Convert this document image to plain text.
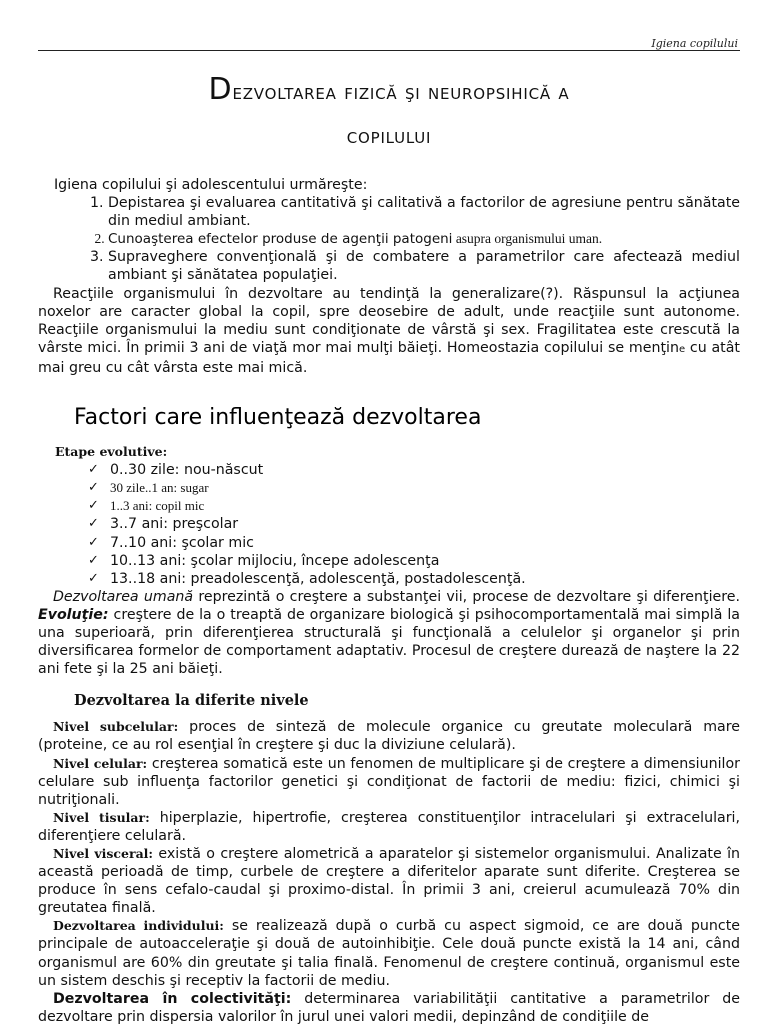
Igiena copilului
Dezvoltarea fizică şi neuropsihică a
copilului
Igiena copilului şi adolescentului urmăreşte:
1. Depistarea şi evaluarea cantitativă şi calitativă a factorilor de agresiune pentru sănătate din mediul ambiant.
2. Cunoaşterea efectelor produse de agenţii patogeni asupra organismului uman.
3. Supraveghere convenţională şi de combatere a parametrilor care afectează mediul ambiant şi sănătatea populaţiei.

Reacţiile organismului în dezvoltare au tendinţă la generalizare(?). Răspunsul la acţiunea noxelor are caracter global la copil, spre deosebire de adult, unde reacţiile sunt autonome. Reacţiile organismului la mediu sunt condiţionate de vârstă şi sex. Fragilitatea este crescută la vârste mici. În primii 3 ani de viaţă mor mai mulţi băieţi. Homeostazia copilului se menţine cu atât mai greu cu cât vârsta este mai mică.

Factori care influenţează dezvoltarea
Etape evolutive:
✓ 0..30 zile: nou-născut
✓ 30 zile..1 an: sugar
✓ 1..3 ani: copil mic
✓ 3..7 ani: preşcolar
✓ 7..10 ani: şcolar mic
✓ 10..13 ani: şcolar mijlociu, începe adolescenţa
✓ 13..18 ani: preadolescenţă, adolescenţă, postadolescenţă.

Dezvoltarea umană reprezintă o creştere a substanţei vii, procese de dezvoltare şi diferenţiere. Evoluţie: creştere de la o treaptă de organizare biologică şi psihocomportamentală mai simplă la una superioară, prin diferenţierea structurală şi funcţională a celulelor şi organelor şi prin diversificarea formelor de comportament adaptativ. Procesul de creştere durează de naştere la 22 ani fete şi la 25 ani băieţi.

Dezvoltarea la diferite nivele

Nivel subcelular: proces de sinteză de molecule organice cu greutate moleculară mare (proteine, ce au rol esenţial în creştere şi duc la diviziune celulară).

Nivel celular: creşterea somatică este un fenomen de multiplicare şi de creştere a dimensiunilor celulare sub influenţa factorilor genetici şi condiţionat de factorii de mediu: fizici, chimici şi nutriţionali.

Nivel tisular: hiperplazie, hipertrofie, creşterea constituenţilor intracelulari şi extracelulari, diferenţiere celulară.

Nivel visceral: există o creştere alometrică a aparatelor şi sistemelor organismului. Analizate în această perioadă de timp, curbele de creştere a diferitelor aparate sunt diferite. Creşterea se produce în sens cefalo-caudal şi proximo-distal. În primii 3 ani, creierul acumulează 70% din greutatea finală.

Dezvoltarea individului: se realizează după o curbă cu aspect sigmoid, ce are două puncte principale de autoacceleraţie şi două de autoinhibiţie. Cele două puncte există la 14 ani, când organismul are 60% din greutate şi talia finală. Fenomenul de creştere continuă, organismul este un sistem deschis şi receptiv la factorii de mediu.

Dezvoltarea în colectivităţi: determinarea variabilităţii cantitative a parametrilor de dezvoltare prin dispersia valorilor în jurul unei valori medii, depinzând de condiţiile de
